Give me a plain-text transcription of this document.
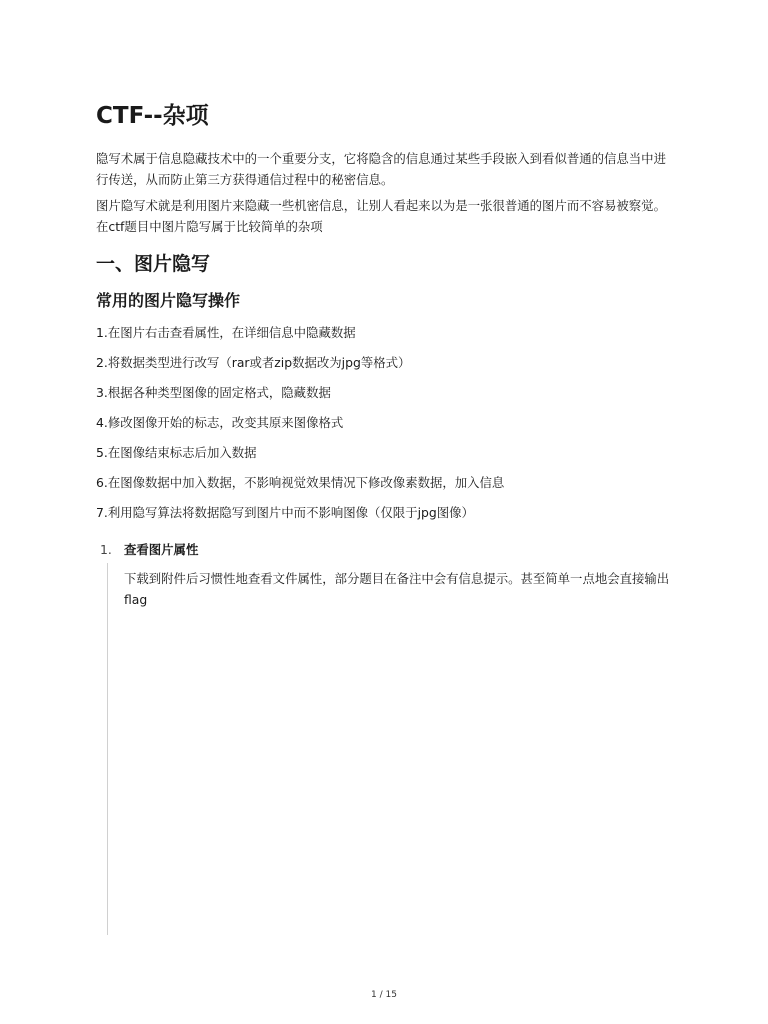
CTF--杂项

隐写术属于信息隐藏技术中的一个重要分支，它将隐含的信息通过某些手段嵌入到看似普通的信息当中进行传送，从而防止第三方获得通信过程中的秘密信息。

图片隐写术就是利用图片来隐藏一些机密信息，让别人看起来以为是一张很普通的图片而不容易被察觉。在ctf题目中图片隐写属于比较简单的杂项

一、图片隐写
常用的图片隐写操作
1.在图片右击查看属性，在详细信息中隐藏数据
2.将数据类型进行改写（rar或者zip数据改为jpg等格式）
3.根据各种类型图像的固定格式，隐藏数据
4.修改图像开始的标志，改变其原来图像格式
5.在图像结束标志后加入数据
6.在图像数据中加入数据，不影响视觉效果情况下修改像素数据，加入信息
7.利用隐写算法将数据隐写到图片中而不影响图像（仅限于jpg图像）
1. 查看图片属性

下载到附件后习惯性地查看文件属性，部分题目在备注中会有信息提示。甚至简单一点地会直接输出flag

1 / 15
